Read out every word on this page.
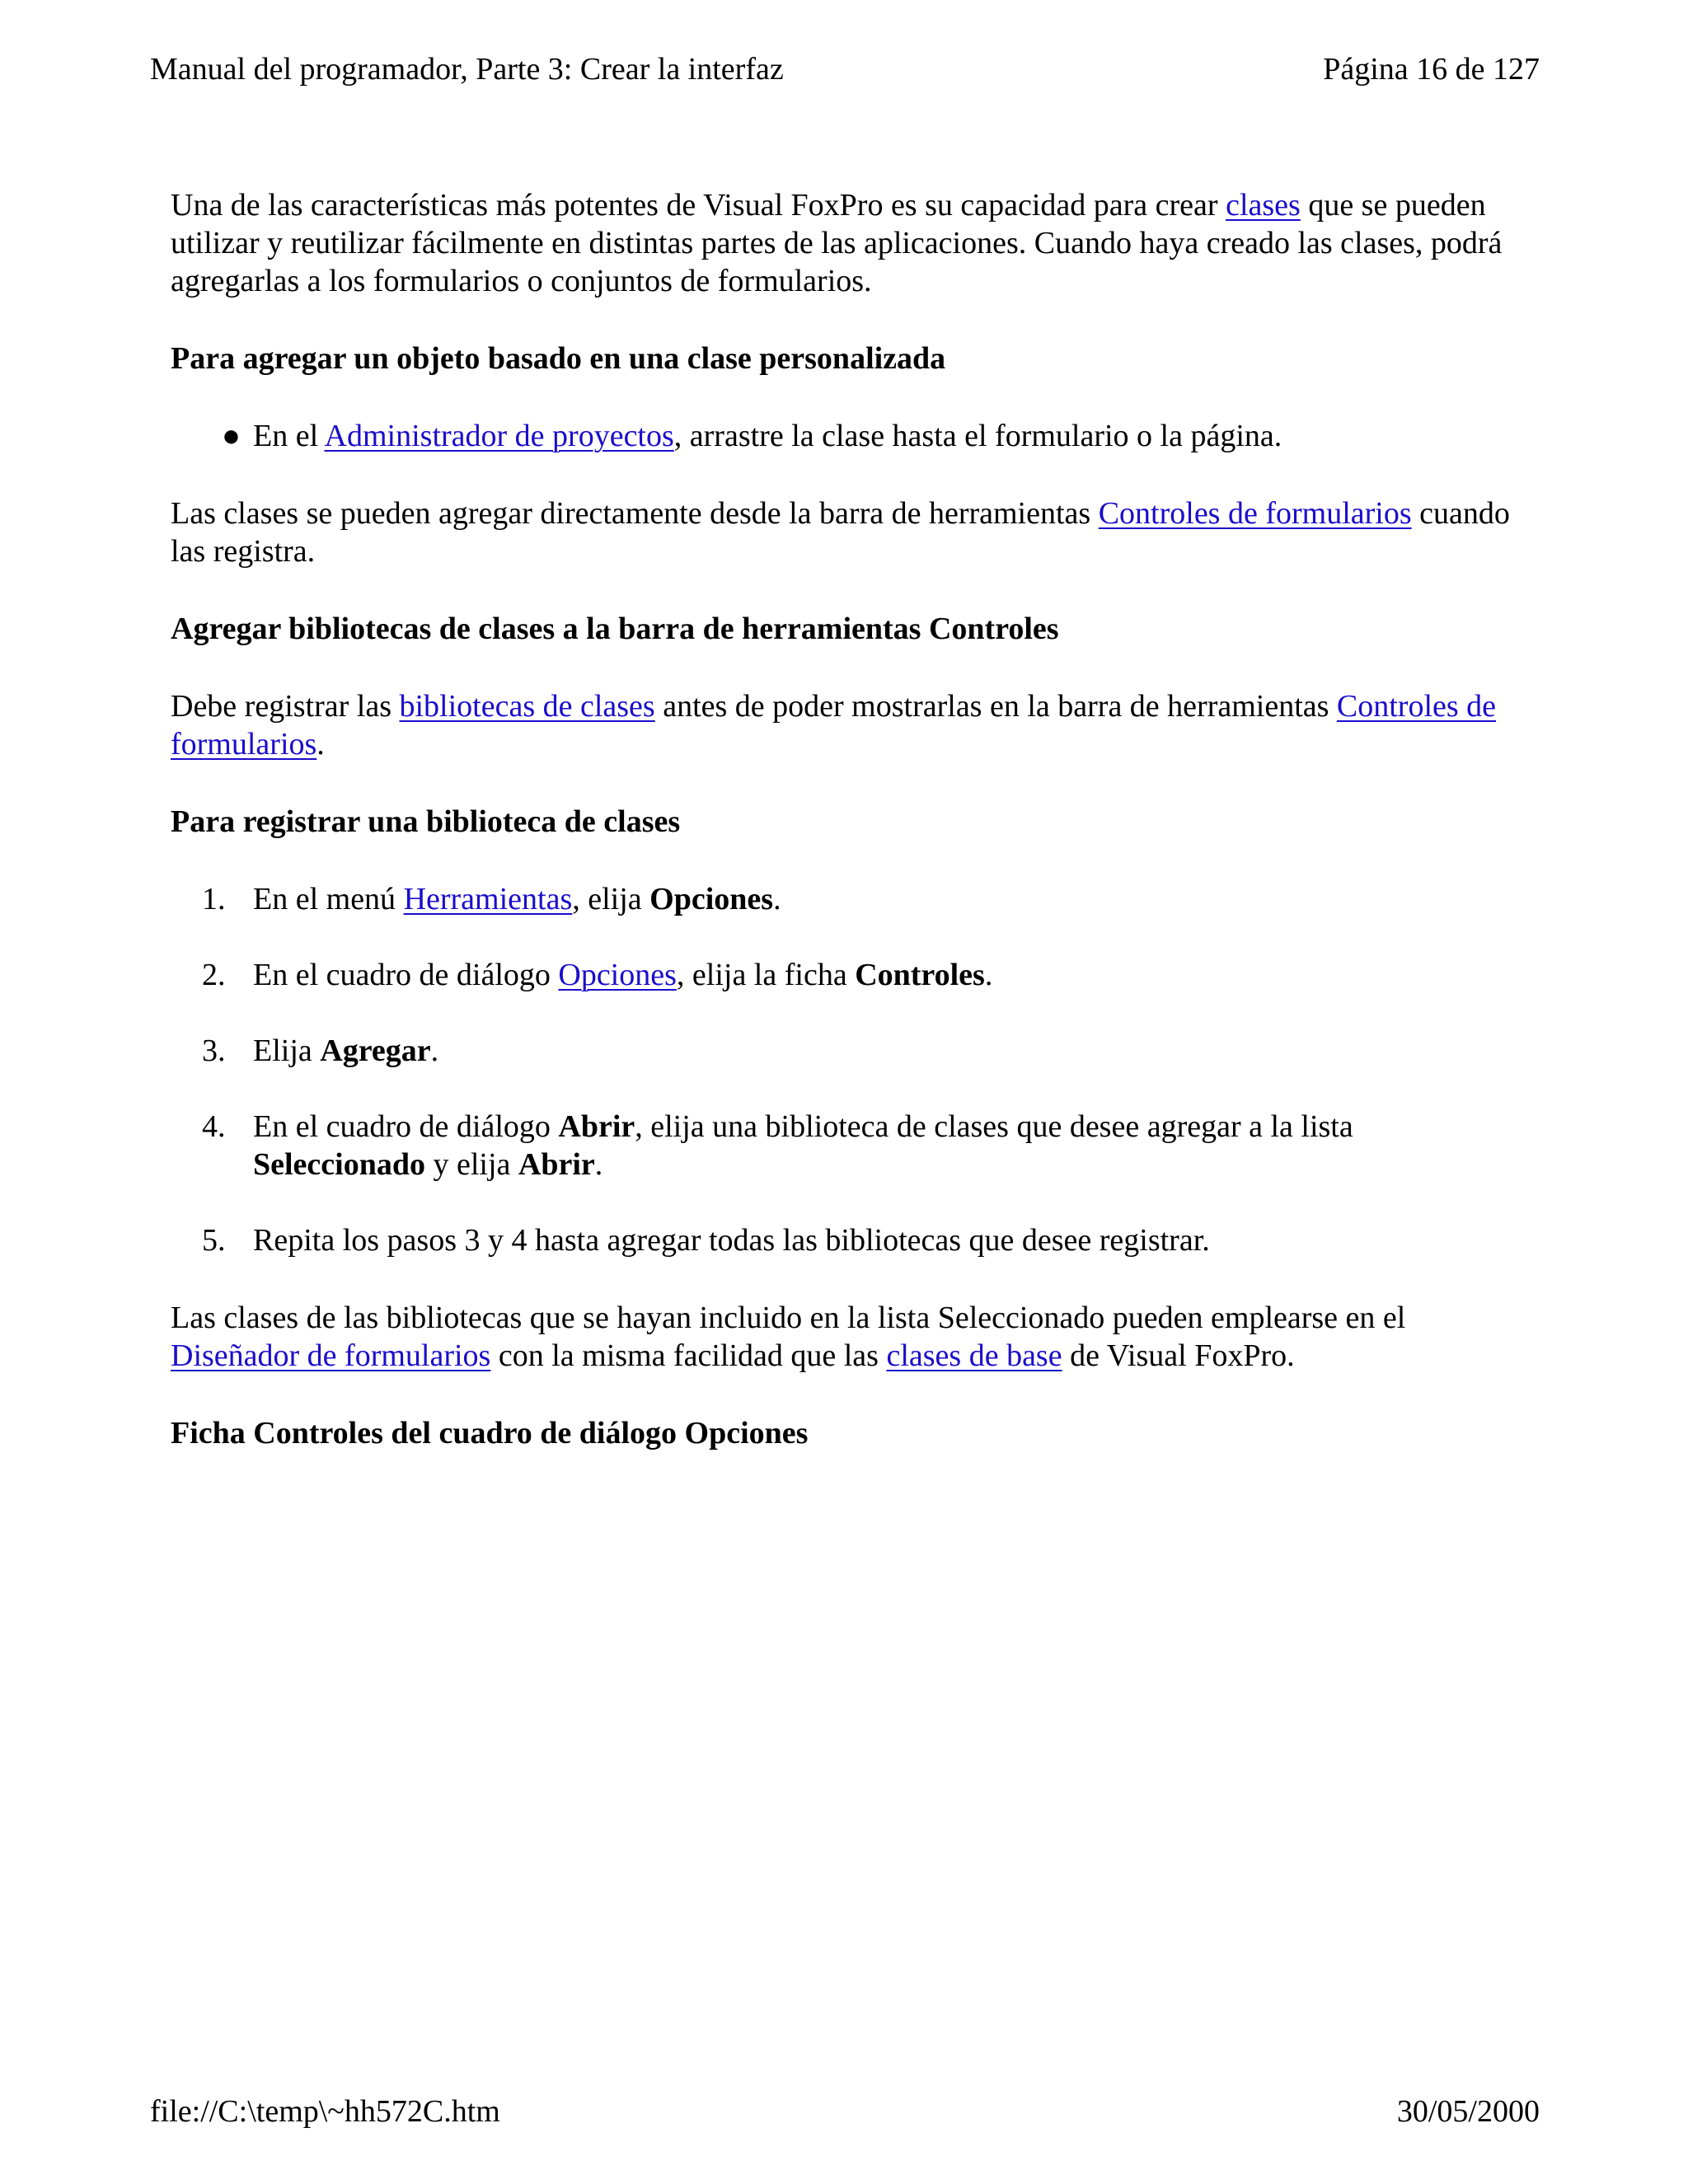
Manual del programador, Parte 3: Crear la interfaz	Página 16 de 127

Una de las características más potentes de Visual FoxPro es su capacidad para crear clases que se pueden utilizar y reutilizar fácilmente en distintas partes de las aplicaciones. Cuando haya creado las clases, podrá agregarlas a los formularios o conjuntos de formularios.

Para agregar un objeto basado en una clase personalizada
● En el Administrador de proyectos, arrastre la clase hasta el formulario o la página.

Las clases se pueden agregar directamente desde la barra de herramientas Controles de formularios cuando las registra.

Agregar bibliotecas de clases a la barra de herramientas Controles

Debe registrar las bibliotecas de clases antes de poder mostrarlas en la barra de herramientas Controles de formularios.

Para registrar una biblioteca de clases
1. En el menú Herramientas, elija Opciones.
2. En el cuadro de diálogo Opciones, elija la ficha Controles.
3. Elija Agregar.
4. En el cuadro de diálogo Abrir, elija una biblioteca de clases que desee agregar a la lista Seleccionado y elija Abrir.
5. Repita los pasos 3 y 4 hasta agregar todas las bibliotecas que desee registrar.

Las clases de las bibliotecas que se hayan incluido en la lista Seleccionado pueden emplearse en el Diseñador de formularios con la misma facilidad que las clases de base de Visual FoxPro.

Ficha Controles del cuadro de diálogo Opciones
file://C:\temp\~hh572C.htm	30/05/2000
